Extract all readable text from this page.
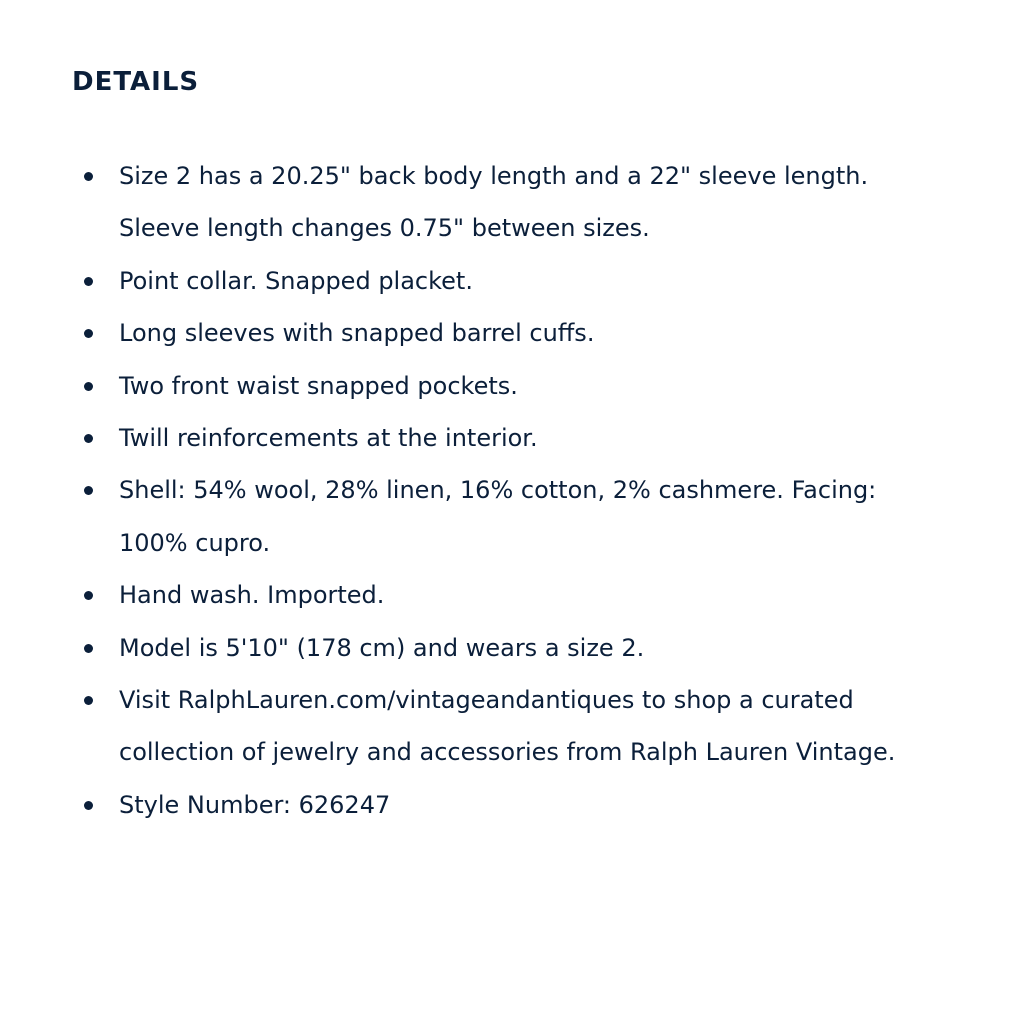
DETAILS
Size 2 has a 20.25" back body length and a 22" sleeve length.
Sleeve length changes 0.75" between sizes.
Point collar. Snapped placket.
Long sleeves with snapped barrel cuffs.
Two front waist snapped pockets.
Twill reinforcements at the interior.
Shell: 54% wool, 28% linen, 16% cotton, 2% cashmere. Facing:
100% cupro.
Hand wash. Imported.
Model is 5'10" (178 cm) and wears a size 2.
Visit RalphLauren.com/vintageandantiques to shop a curated
collection of jewelry and accessories from Ralph Lauren Vintage.
Style Number: 626247
